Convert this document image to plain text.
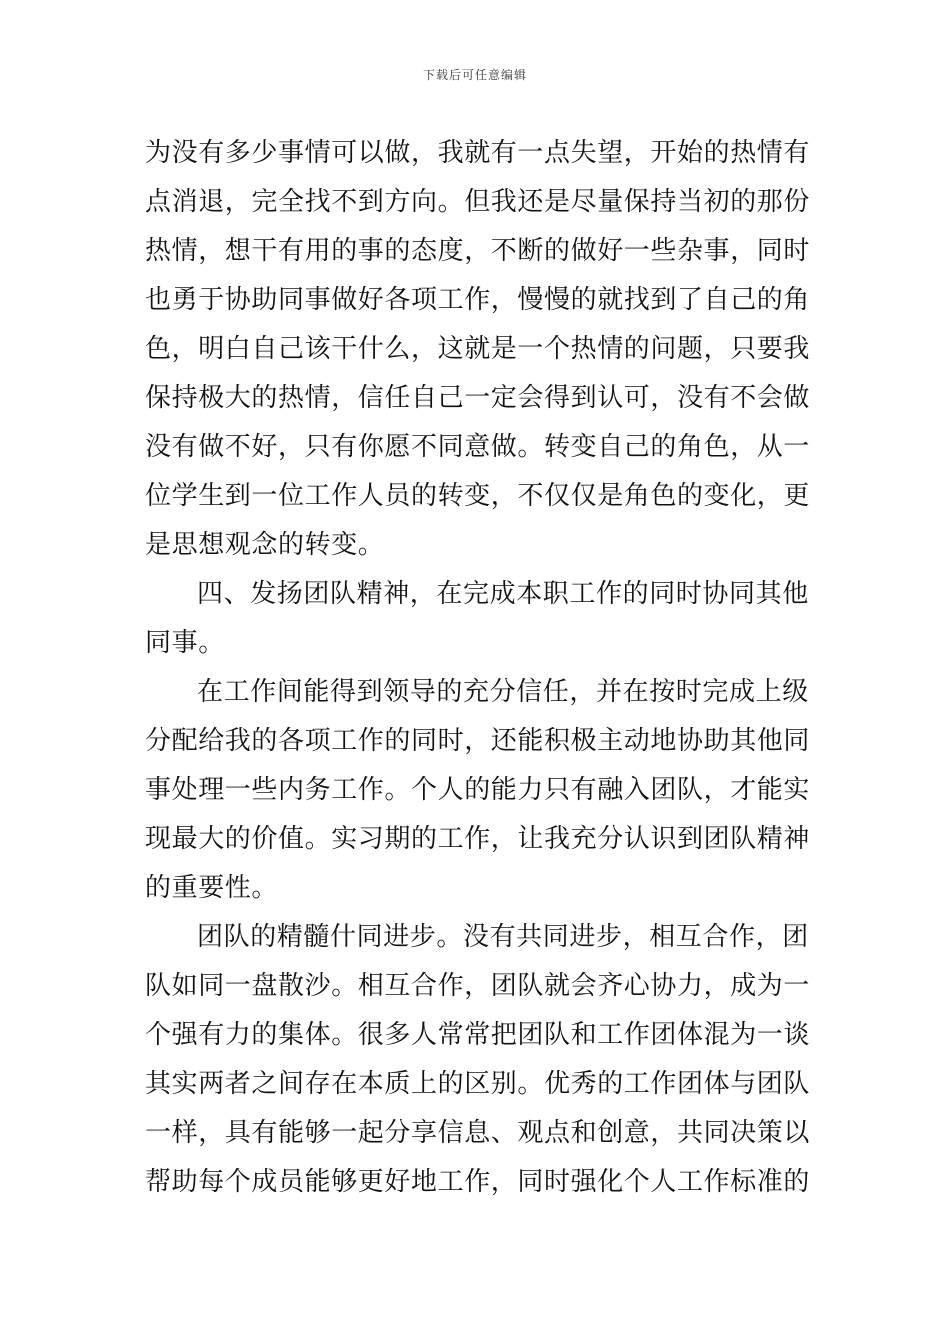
下载后可任意编辑
为没有多少事情可以做，我就有一点失望，开始的热情有
点消退，完全找不到方向。但我还是尽量保持当初的那份
热情，想干有用的事的态度，不断的做好一些杂事，同时
也勇于协助同事做好各项工作，慢慢的就找到了自己的角
色，明白自己该干什么，这就是一个热情的问题，只要我
保持极大的热情，信任自己一定会得到认可，没有不会做
没有做不好，只有你愿不同意做。转变自己的角色，从一
位学生到一位工作人员的转变，不仅仅是角色的变化，更
是思想观念的转变。
四、发扬团队精神，在完成本职工作的同时协同其他
同事。
在工作间能得到领导的充分信任，并在按时完成上级
分配给我的各项工作的同时，还能积极主动地协助其他同
事处理一些内务工作。个人的能力只有融入团队，才能实
现最大的价值。实习期的工作，让我充分认识到团队精神
的重要性。
团队的精髓什同进步。没有共同进步，相互合作，团
队如同一盘散沙。相互合作，团队就会齐心协力，成为一
个强有力的集体。很多人常常把团队和工作团体混为一谈
其实两者之间存在本质上的区别。优秀的工作团体与团队
一样，具有能够一起分享信息、观点和创意，共同决策以
帮助每个成员能够更好地工作，同时强化个人工作标准的
